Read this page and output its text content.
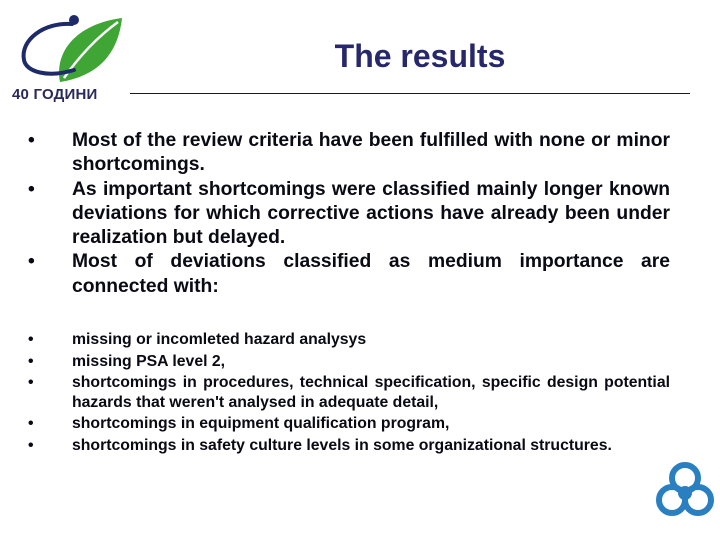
40 ГОДИНИ
The results
• Most of the review criteria have been fulfilled with none or minor shortcomings.
• As important shortcomings were classified mainly longer known deviations for which corrective actions have already been under realization but delayed.
• Most of deviations classified as medium importance are connected with:
• missing or incomleted hazard analysys
• missing PSA level 2,
• shortcomings in procedures, technical specification, specific design potential hazards that weren't analysed in adequate detail,
• shortcomings in equipment qualification program,
• shortcomings in safety culture levels in some organizational structures.
